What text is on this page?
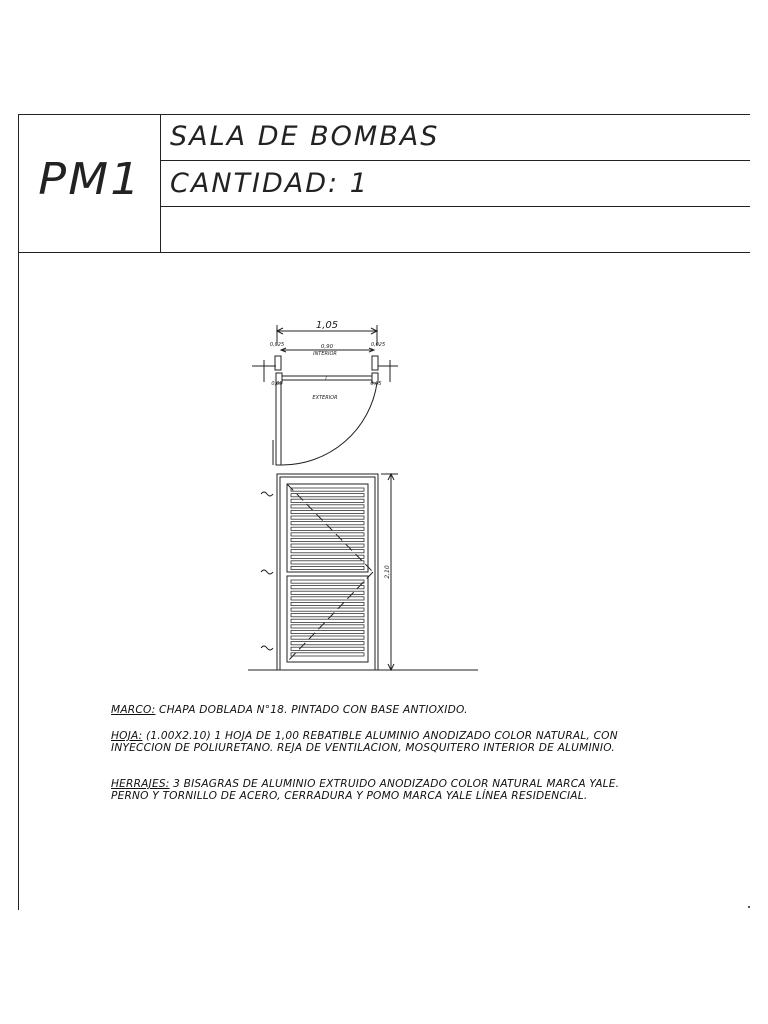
PM1
SALA DE BOMBAS
CANTIDAD: 1
1,05
0,90
INTERIOR
EXTERIOR
0,025	0,025
0,05	0,05
1
2,10
MARCO: CHAPA DOBLADA N°18. PINTADO CON BASE ANTIOXIDO.
HOJA: (1.00X2.10) 1 HOJA DE 1,00 REBATIBLE ALUMINIO ANODIZADO COLOR NATURAL, CON INYECCION DE POLIURETANO. REJA DE VENTILACION, MOSQUITERO INTERIOR DE ALUMINIO.
HERRAJES: 3 BISAGRAS DE ALUMINIO EXTRUIDO ANODIZADO COLOR NATURAL MARCA YALE. PERNO Y TORNILLO DE ACERO, CERRADURA Y POMO MARCA YALE LÍNEA RESIDENCIAL.
